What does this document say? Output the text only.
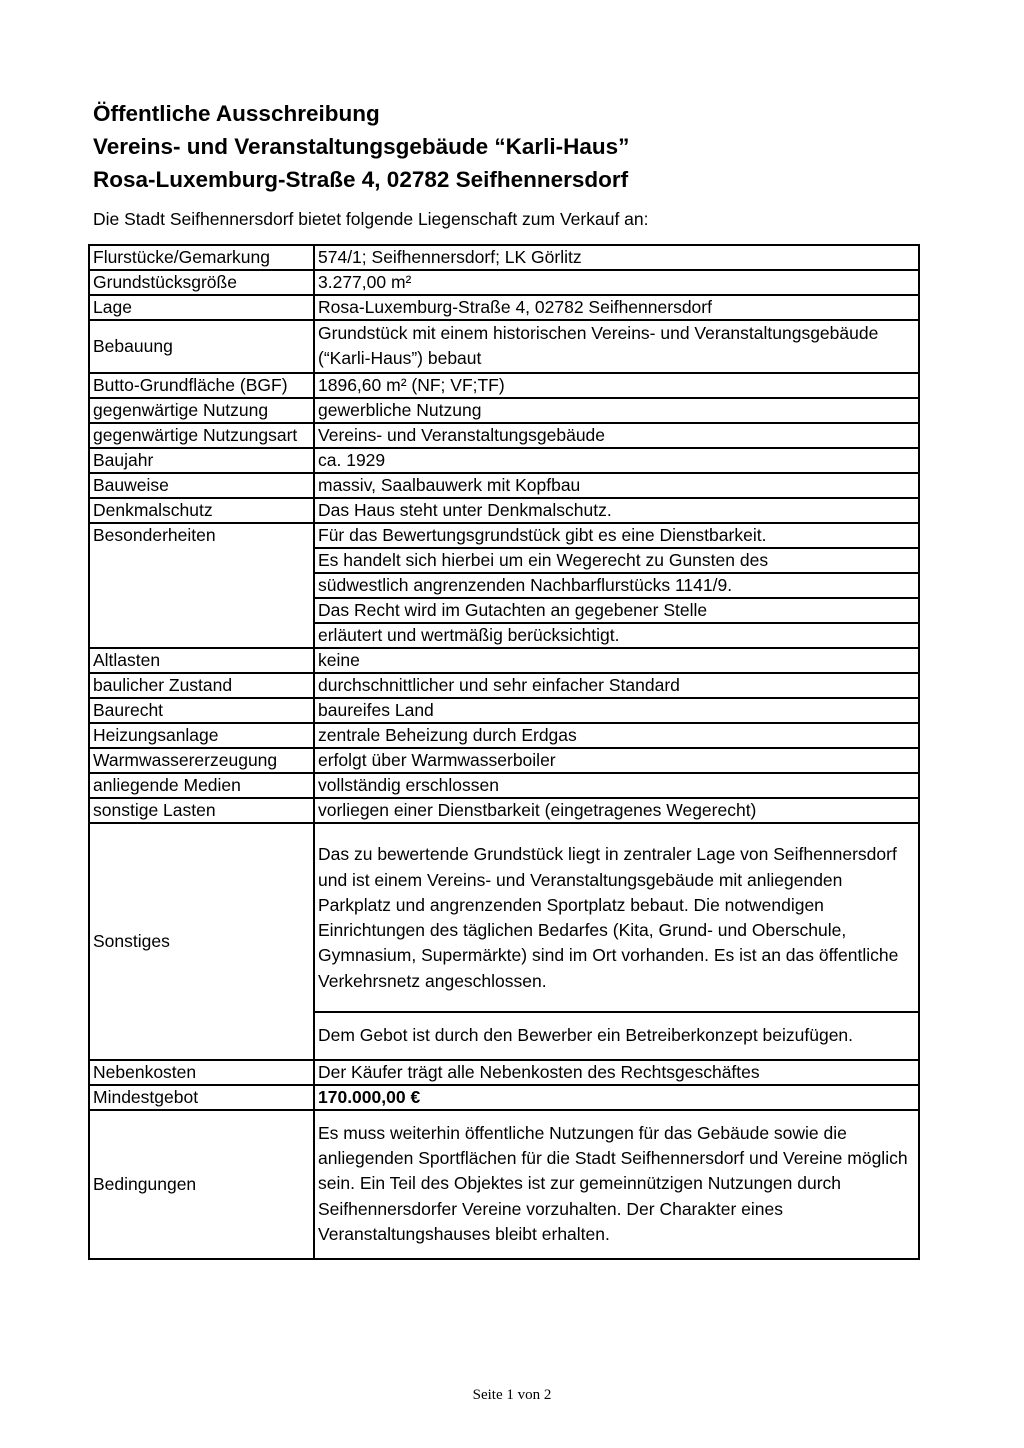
Öffentliche Ausschreibung
Vereins- und Veranstaltungsgebäude “Karli-Haus”
Rosa-Luxemburg-Straße 4, 02782 Seifhennersdorf
Die Stadt Seifhennersdorf bietet folgende Liegenschaft zum Verkauf an:
Flurstücke/Gemarkung	574/1; Seifhennersdorf; LK Görlitz
Grundstücksgröße	3.277,00 m²
Lage	Rosa-Luxemburg-Straße 4, 02782 Seifhennersdorf
Bebauung	Grundstück mit einem historischen Vereins- und Veranstaltungsgebäude (“Karli-Haus”) bebaut
Butto-Grundfläche (BGF)	1896,60 m² (NF; VF;TF)
gegenwärtige Nutzung	gewerbliche Nutzung
gegenwärtige Nutzungsart	Vereins- und Veranstaltungsgebäude
Baujahr	ca. 1929
Bauweise	massiv, Saalbauwerk mit Kopfbau
Denkmalschutz	Das Haus steht unter Denkmalschutz.
Besonderheiten	Für das Bewertungsgrundstück gibt es eine Dienstbarkeit.
	Es handelt sich hierbei um ein Wegerecht zu Gunsten des
	südwestlich angrenzenden Nachbarflurstücks 1141/9.
	Das Recht wird im Gutachten an gegebener Stelle
	erläutert und wertmäßig berücksichtigt.
Altlasten	keine
baulicher Zustand	durchschnittlicher und sehr einfacher Standard
Baurecht	baureifes Land
Heizungsanlage	zentrale Beheizung durch Erdgas
Warmwassererzeugung	erfolgt über Warmwasserboiler
anliegende Medien	vollständig erschlossen
sonstige Lasten	vorliegen einer Dienstbarkeit (eingetragenes Wegerecht)
Sonstiges	Das zu bewertende Grundstück liegt in zentraler Lage von Seifhennersdorf und ist einem Vereins- und Veranstaltungsgebäude mit anliegenden Parkplatz und angrenzenden Sportplatz bebaut. Die notwendigen Einrichtungen des täglichen Bedarfes (Kita, Grund- und Oberschule, Gymnasium, Supermärkte) sind im Ort vorhanden. Es ist an das öffentliche Verkehrsnetz angeschlossen.
	Dem Gebot ist durch den Bewerber ein Betreiberkonzept beizufügen.
Nebenkosten	Der Käufer trägt alle Nebenkosten des Rechtsgeschäftes
Mindestgebot	170.000,00 €
Bedingungen	Es muss weiterhin öffentliche Nutzungen für das Gebäude sowie die anliegenden Sportflächen für die Stadt Seifhennersdorf und Vereine möglich sein. Ein Teil des Objektes ist zur gemeinnützigen Nutzungen durch Seifhennersdorfer Vereine vorzuhalten. Der Charakter eines Veranstaltungshauses bleibt erhalten.
Seite 1 von 2
